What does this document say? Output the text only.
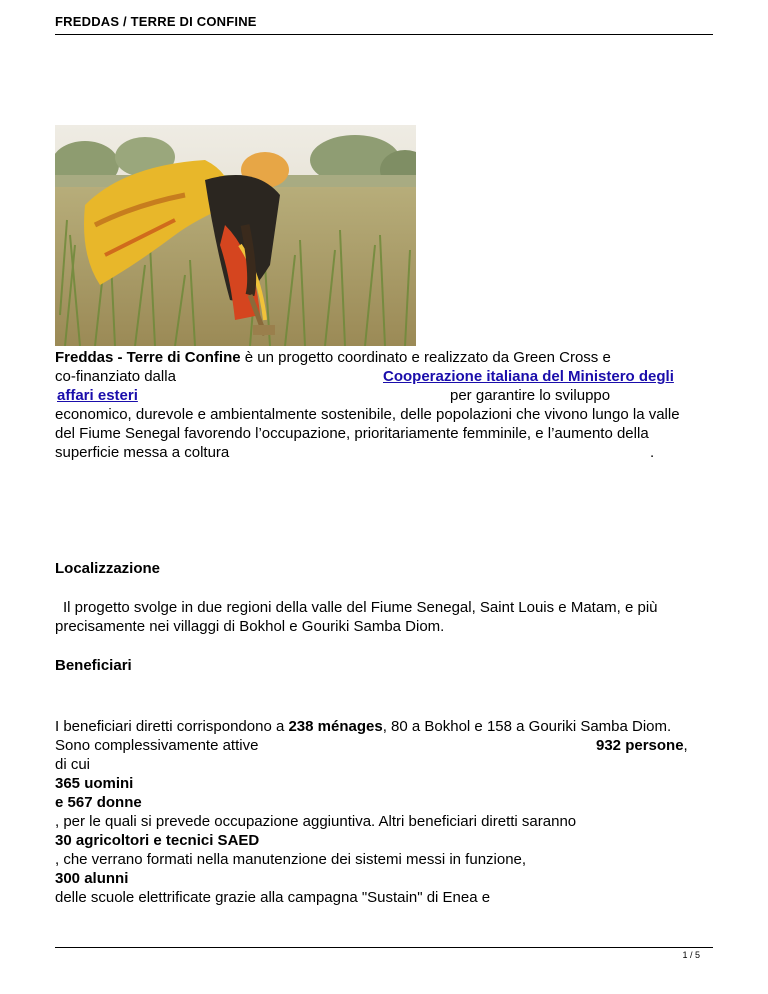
FREDDAS / TERRE DI CONFINE
Freddas - Terre di Confine è un progetto coordinato e realizzato da Green Cross e
co-finanziato dalla	Cooperazione italiana del Ministero degli
affari esteri	per garantire lo sviluppo
economico, durevole e ambientalmente sostenibile, delle popolazioni che vivono lungo la valle
del Fiume Senegal favorendo l’occupazione, prioritariamente femminile, e l’aumento della
superficie messa a coltura	.
Localizzazione
Il progetto svolge in due regioni della valle del Fiume Senegal, Saint Louis e Matam, e più
precisamente nei villaggi di Bokhol e Gouriki Samba Diom.
Beneficiari
I beneficiari diretti corrispondono a 238 ménages, 80 a Bokhol e 158 a Gouriki Samba Diom.
Sono complessivamente attive	932 persone,
di cui
365 uomini
e 567 donne
, per le quali si prevede occupazione aggiuntiva. Altri beneficiari diretti saranno
30 agricoltori e tecnici SAED
, che verrano formati nella manutenzione dei sistemi messi in funzione,
300 alunni
delle scuole elettrificate grazie alla campagna "Sustain" di Enea e
1 / 5
